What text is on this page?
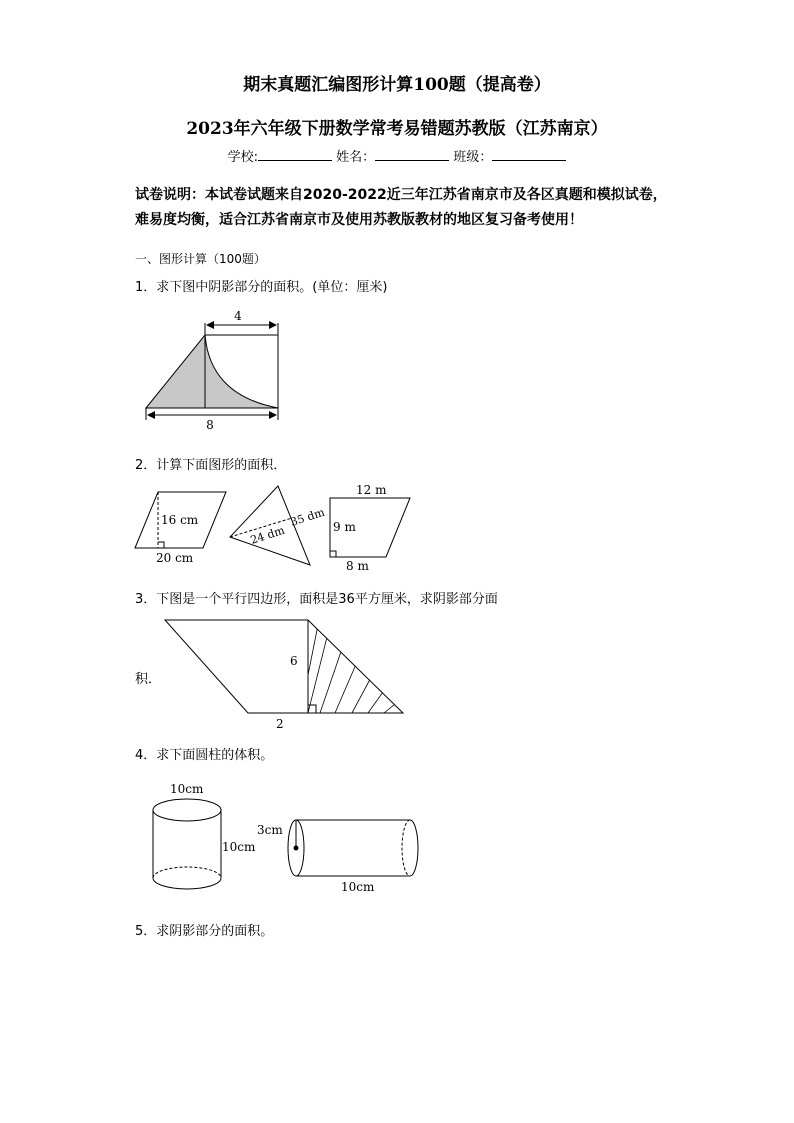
期末真题汇编图形计算100题（提高卷）
2023年六年级下册数学常考易错题苏教版（江苏南京）
学校:	姓名：	班级：
试卷说明：本试卷试题来自2020-2022近三年江苏省南京市及各区真题和模拟试卷，难易度均衡，适合江苏省南京市及使用苏教版教材的地区复习备考使用！
一、图形计算（100题）
1．求下图中阴影部分的面积。(单位：厘米)
4
8
2．计算下面图形的面积．
16 cm
20 cm
35 dm
24 dm
12 m
9 m
8 m
3．下图是一个平行四边形，面积是36平方厘米，求阴影部分面
积．
6
2
4．求下面圆柱的体积。
10cm
10cm
3cm
10cm
5．求阴影部分的面积。
